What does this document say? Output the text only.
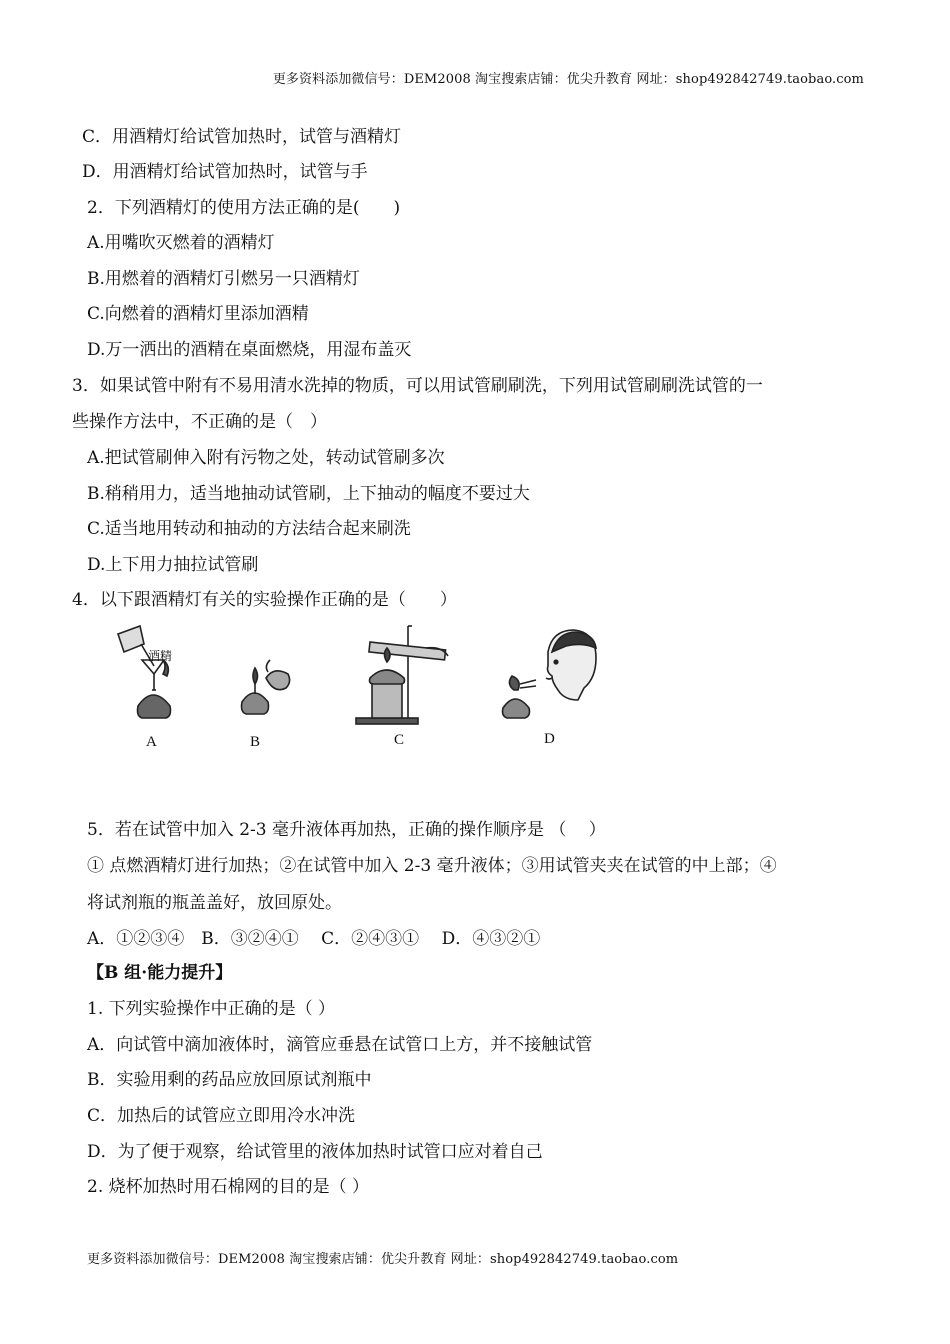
更多资料添加微信号：DEM2008 淘宝搜索店铺：优尖升教育 网址：shop492842749.taobao.com
C．用酒精灯给试管加热时，试管与酒精灯
D．用酒精灯给试管加热时，试管与手
2．下列酒精灯的使用方法正确的是(　　)
A.用嘴吹灭燃着的酒精灯
B.用燃着的酒精灯引燃另一只酒精灯
C.向燃着的酒精灯里添加酒精
D.万一洒出的酒精在桌面燃烧，用湿布盖灭
3．如果试管中附有不易用清水洗掉的物质，可以用试管刷刷洗，下列用试管刷刷洗试管的一
些操作方法中，不正确的是（　）
A.把试管刷伸入附有污物之处，转动试管刷多次
B.稍稍用力，适当地抽动试管刷，上下抽动的幅度不要过大
C.适当地用转动和抽动的方法结合起来刷洗
D.上下用力抽拉试管刷
4．以下跟酒精灯有关的实验操作正确的是（　　）
酒精
A	B	C	D
5．若在试管中加入 2-3 毫升液体再加热，正确的操作顺序是 （　 ）
① 点燃酒精灯进行加热；②在试管中加入 2-3 毫升液体；③用试管夹夹在试管的中上部；④
将试剂瓶的瓶盖盖好，放回原处。
A．①②③④　B．③②④①　 C．②④③①　 D．④③②①
【B 组·能力提升】
1. 下列实验操作中正确的是（ ）
A．向试管中滴加液体时，滴管应垂悬在试管口上方，并不接触试管
B．实验用剩的药品应放回原试剂瓶中
C．加热后的试管应立即用冷水冲洗
D．为了便于观察，给试管里的液体加热时试管口应对着自己
2. 烧杯加热时用石棉网的目的是（ ）
更多资料添加微信号：DEM2008 淘宝搜索店铺：优尖升教育 网址：shop492842749.taobao.com
